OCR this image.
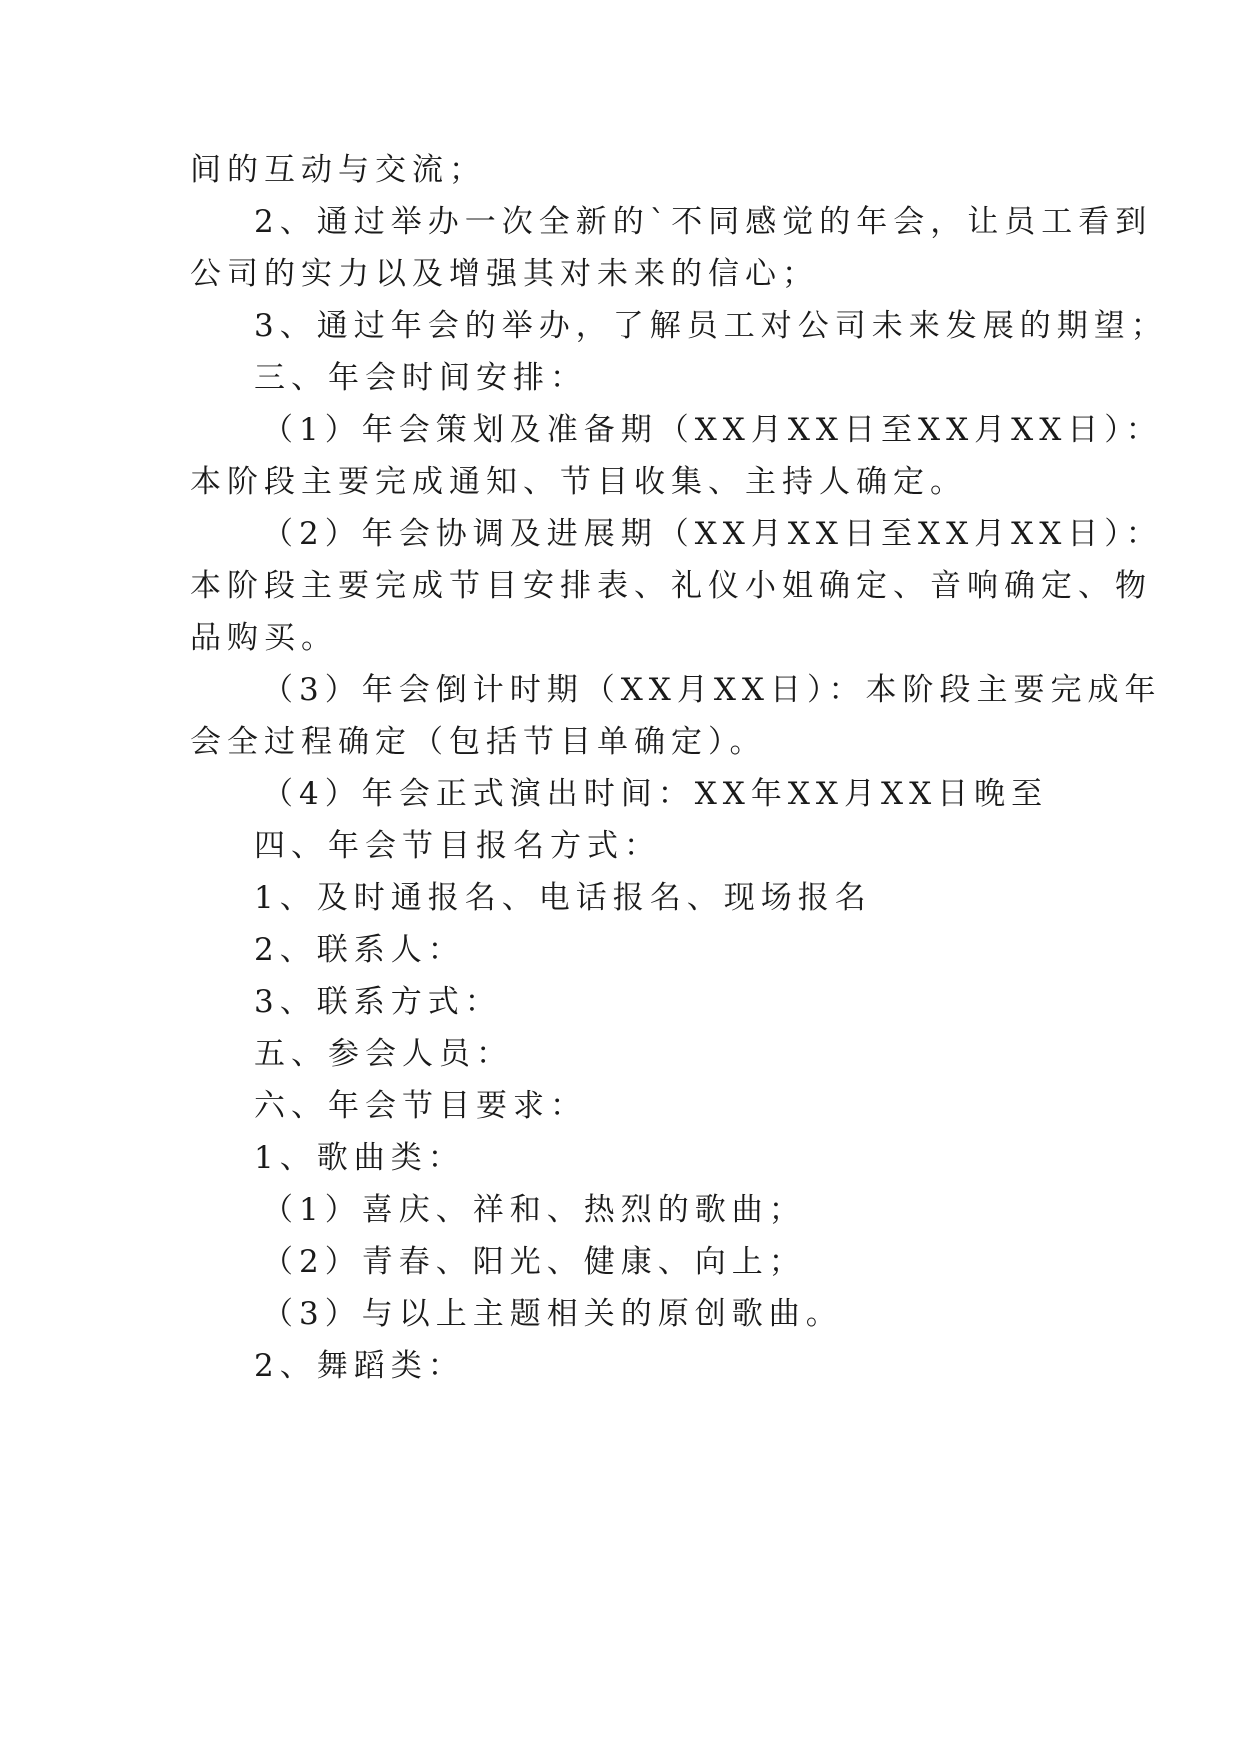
间的互动与交流；
2、通过举办一次全新的`不同感觉的年会，让员工看到
公司的实力以及增强其对未来的信心；
3、通过年会的举办，了解员工对公司未来发展的期望；
三、年会时间安排：
（1）年会策划及准备期（XX月XX日至XX月XX日）：
本阶段主要完成通知、节目收集、主持人确定。
（2）年会协调及进展期（XX月XX日至XX月XX日）：
本阶段主要完成节目安排表、礼仪小姐确定、音响确定、物
品购买。
（3）年会倒计时期（XX月XX日）：本阶段主要完成年
会全过程确定（包括节目单确定）。
（4）年会正式演出时间：XX年XX月XX日晚至
四、年会节目报名方式：
1、及时通报名、电话报名、现场报名
2、联系人：
3、联系方式：
五、参会人员：
六、年会节目要求：
1、歌曲类：
（1）喜庆、祥和、热烈的歌曲；
（2）青春、阳光、健康、向上；
（3）与以上主题相关的原创歌曲。
2、舞蹈类：
